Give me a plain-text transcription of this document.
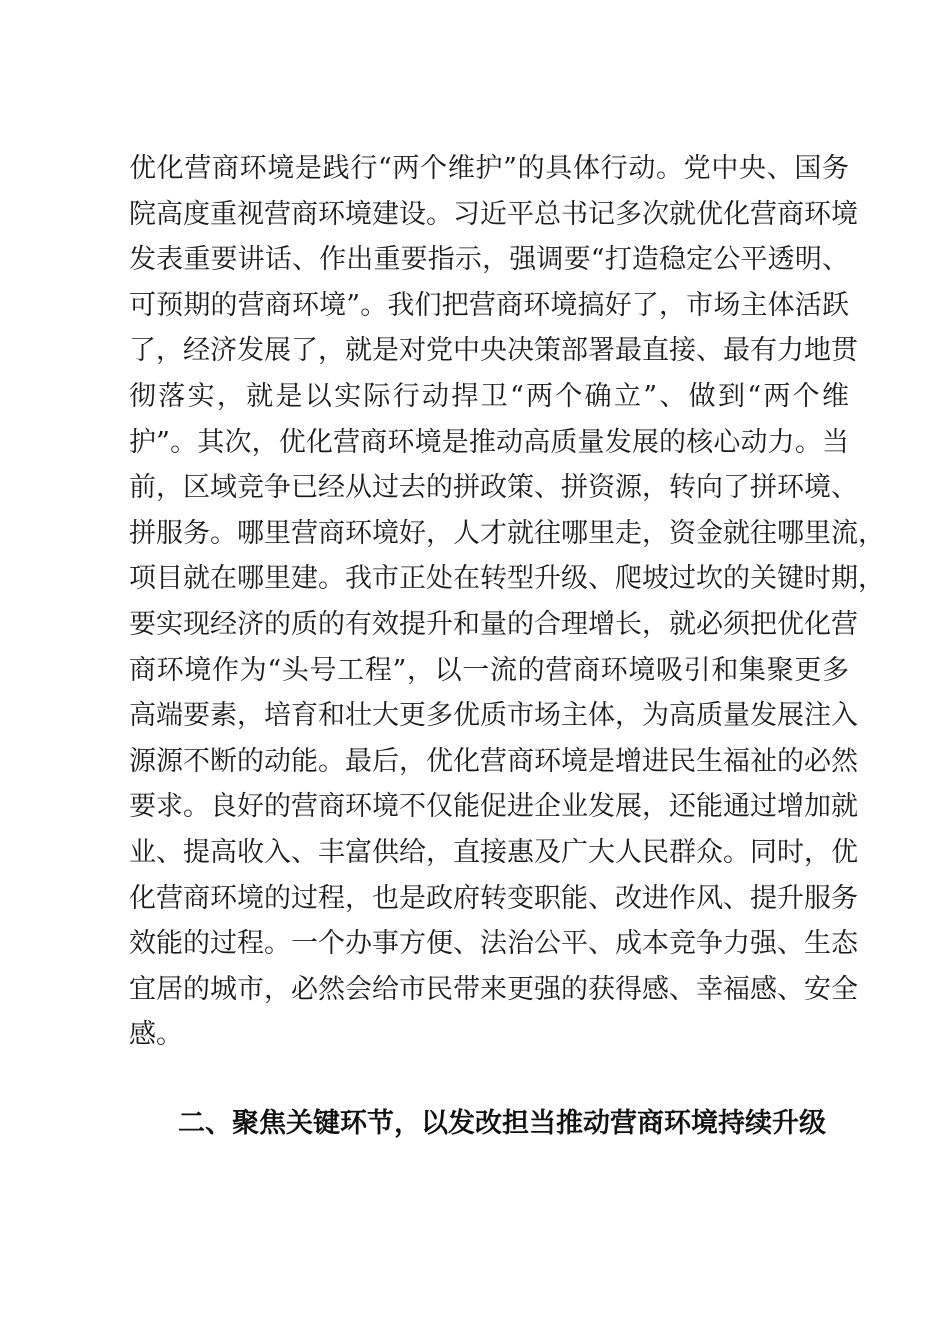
优化营商环境是践行“两个维护”的具体行动。党中央、国务
院高度重视营商环境建设。习近平总书记多次就优化营商环境
发表重要讲话、作出重要指示，强调要“打造稳定公平透明、
可预期的营商环境”。我们把营商环境搞好了，市场主体活跃
了，经济发展了，就是对党中央决策部署最直接、最有力地贯
彻落实，就是以实际行动捍卫“两个确立”、做到“两个维
护”。其次，优化营商环境是推动高质量发展的核心动力。当
前，区域竞争已经从过去的拼政策、拼资源，转向了拼环境、
拼服务。哪里营商环境好，人才就往哪里走，资金就往哪里流，
项目就在哪里建。我市正处在转型升级、爬坡过坎的关键时期，
要实现经济的质的有效提升和量的合理增长，就必须把优化营
商环境作为“头号工程”，以一流的营商环境吸引和集聚更多
高端要素，培育和壮大更多优质市场主体，为高质量发展注入
源源不断的动能。最后，优化营商环境是增进民生福祉的必然
要求。良好的营商环境不仅能促进企业发展，还能通过增加就
业、提高收入、丰富供给，直接惠及广大人民群众。同时，优
化营商环境的过程，也是政府转变职能、改进作风、提升服务
效能的过程。一个办事方便、法治公平、成本竞争力强、生态
宜居的城市，必然会给市民带来更强的获得感、幸福感、安全
感。
二、聚焦关键环节，以发改担当推动营商环境持续升级
